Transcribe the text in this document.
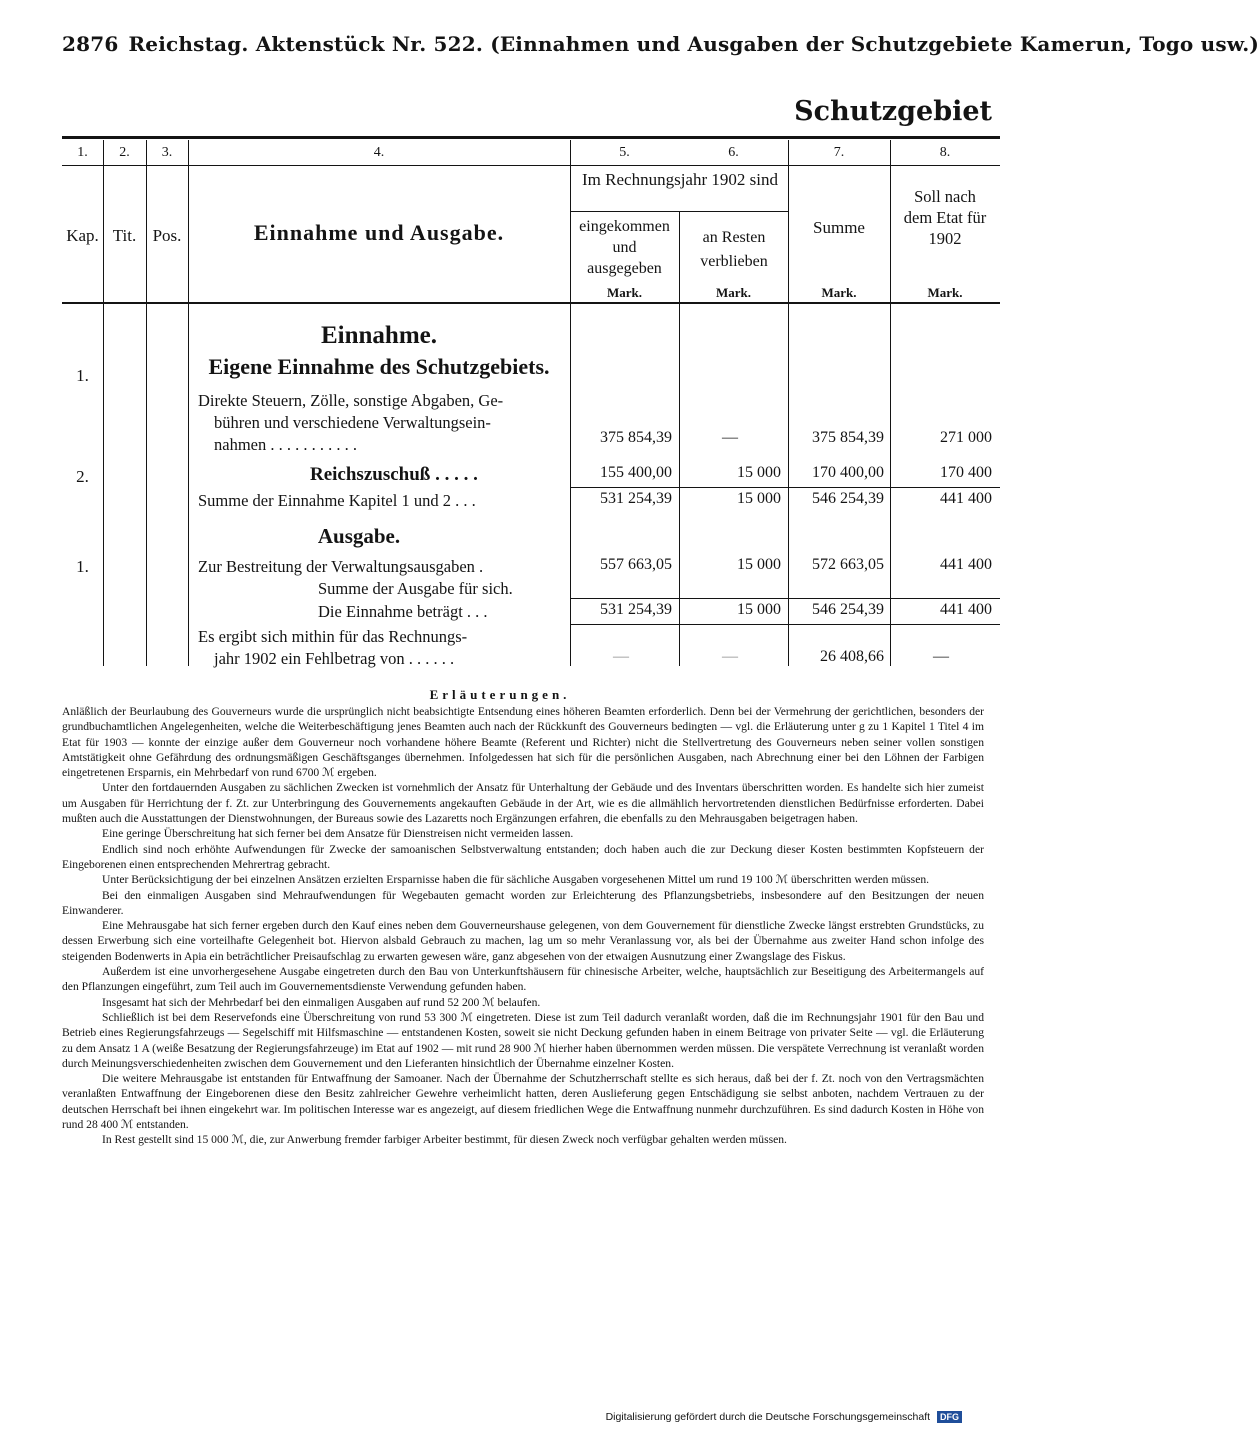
2876 Reichstag. Aktenstück Nr. 522. (Einnahmen und Ausgaben der Schutzgebiete Kamerun, Togo usw.)
Schutzgebiet
1.	2.	3.	4.	5.	6.	7.	8.
Kap. Tit. Pos.	Einnahme und Ausgabe.
Im Rechnungsjahr 1902 sind
eingekommen und ausgegeben
an Resten verblieben
Summe
Soll nach dem Etat für 1902
Mark.	Mark.	Mark.	Mark.
Einnahme.
Eigene Einnahme des Schutzgebiets.
Ausgabe.
1.
Direkte Steuern, Zölle, sonstige Abgaben, Ge-
bühren und verschiedene Verwaltungsein-
nahmen . . . . . . . . . . .	375 854,39	—	375 854,39	271 000
2.	Reichszuschuß . . . . .	155 400,00	15 000	170 400,00	170 400
Summe der Einnahme Kapitel 1 und 2 . . .	531 254,39	15 000	546 254,39	441 400
1.	Zur Bestreitung der Verwaltungsausgaben .	557 663,05	15 000	572 663,05	441 400
Summe der Ausgabe für sich.
Die Einnahme beträgt . . .	531 254,39	15 000	546 254,39	441 400
Es ergibt sich mithin für das Rechnungs-
jahr 1902 ein Fehlbetrag von . . . . . .	—	—	26 408,66	—
Erläuterungen.

Anläßlich der Beurlaubung des Gouverneurs wurde die ursprünglich nicht beabsichtigte Entsendung eines höheren Beamten erforderlich. Denn bei der Vermehrung der gerichtlichen, besonders der grundbuchamtlichen Angelegenheiten, welche die Weiterbeschäftigung jenes Beamten auch nach der Rückkunft des Gouverneurs bedingten — vgl. die Erläuterung unter g zu 1 Kapitel 1 Titel 4 im Etat für 1903 — konnte der einzige außer dem Gouverneur noch vorhandene höhere Beamte (Referent und Richter) nicht die Stellvertretung des Gouverneurs neben seiner vollen sonstigen Amtstätigkeit ohne Gefährdung des ordnungsmäßigen Geschäftsganges übernehmen. Infolgedessen hat sich für die persönlichen Ausgaben, nach Abrechnung einer bei den Löhnen der Farbigen eingetretenen Ersparnis, ein Mehrbedarf von rund 6700 ℳ ergeben.

Unter den fortdauernden Ausgaben zu sächlichen Zwecken ist vornehmlich der Ansatz für Unterhaltung der Gebäude und des Inventars überschritten worden. Es handelte sich hier zumeist um Ausgaben für Herrichtung der f. Zt. zur Unterbringung des Gouvernements angekauften Gebäude in der Art, wie es die allmählich hervortretenden dienstlichen Bedürfnisse erforderten. Dabei mußten auch die Ausstattungen der Dienstwohnungen, der Bureaus sowie des Lazaretts noch Ergänzungen erfahren, die ebenfalls zu den Mehrausgaben beigetragen haben.

Eine geringe Überschreitung hat sich ferner bei dem Ansatze für Dienstreisen nicht vermeiden lassen.

Endlich sind noch erhöhte Aufwendungen für Zwecke der samoanischen Selbstverwaltung entstanden; doch haben auch die zur Deckung dieser Kosten bestimmten Kopfsteuern der Eingeborenen einen entsprechenden Mehrertrag gebracht.

Unter Berücksichtigung der bei einzelnen Ansätzen erzielten Ersparnisse haben die für sächliche Ausgaben vorgesehenen Mittel um rund 19 100 ℳ überschritten werden müssen.

Bei den einmaligen Ausgaben sind Mehraufwendungen für Wegebauten gemacht worden zur Erleichterung des Pflanzungsbetriebs, insbesondere auf den Besitzungen der neuen Einwanderer.

Eine Mehrausgabe hat sich ferner ergeben durch den Kauf eines neben dem Gouverneurshause gelegenen, von dem Gouvernement für dienstliche Zwecke längst erstrebten Grundstücks, zu dessen Erwerbung sich eine vorteilhafte Gelegenheit bot. Hiervon alsbald Gebrauch zu machen, lag um so mehr Veranlassung vor, als bei der Übernahme aus zweiter Hand schon infolge des steigenden Bodenwerts in Apia ein beträchtlicher Preisaufschlag zu erwarten gewesen wäre, ganz abgesehen von der etwaigen Ausnutzung einer Zwangslage des Fiskus.

Außerdem ist eine unvorhergesehene Ausgabe eingetreten durch den Bau von Unterkunftshäusern für chinesische Arbeiter, welche, hauptsächlich zur Beseitigung des Arbeitermangels auf den Pflanzungen eingeführt, zum Teil auch im Gouvernementsdienste Verwendung gefunden haben.

Insgesamt hat sich der Mehrbedarf bei den einmaligen Ausgaben auf rund 52 200 ℳ belaufen.

Schließlich ist bei dem Reservefonds eine Überschreitung von rund 53 300 ℳ eingetreten. Diese ist zum Teil dadurch veranlaßt worden, daß die im Rechnungsjahr 1901 für den Bau und Betrieb eines Regierungsfahrzeugs — Segelschiff mit Hilfsmaschine — entstandenen Kosten, soweit sie nicht Deckung gefunden haben in einem Beitrage von privater Seite — vgl. die Erläuterung zu dem Ansatz 1 A (weiße Besatzung der Regierungsfahrzeuge) im Etat auf 1902 — mit rund 28 900 ℳ hierher haben übernommen werden müssen. Die verspätete Verrechnung ist veranlaßt worden durch Meinungsverschiedenheiten zwischen dem Gouvernement und den Lieferanten hinsichtlich der Übernahme einzelner Kosten.

Die weitere Mehrausgabe ist entstanden für Entwaffnung der Samoaner. Nach der Übernahme der Schutzherrschaft stellte es sich heraus, daß bei der f. Zt. noch von den Vertragsmächten veranlaßten Entwaffnung der Eingeborenen diese den Besitz zahlreicher Gewehre verheimlicht hatten, deren Auslieferung gegen Entschädigung sie selbst anboten, nachdem Vertrauen zu der deutschen Herrschaft bei ihnen eingekehrt war. Im politischen Interesse war es angezeigt, auf diesem friedlichen Wege die Entwaffnung nunmehr durchzuführen. Es sind dadurch Kosten in Höhe von rund 28 400 ℳ entstanden.

In Rest gestellt sind 15 000 ℳ, die, zur Anwerbung fremder farbiger Arbeiter bestimmt, für diesen Zweck noch verfügbar gehalten werden müssen.

Digitalisierung gefördert durch die Deutsche Forschungsgemeinschaft DFG
